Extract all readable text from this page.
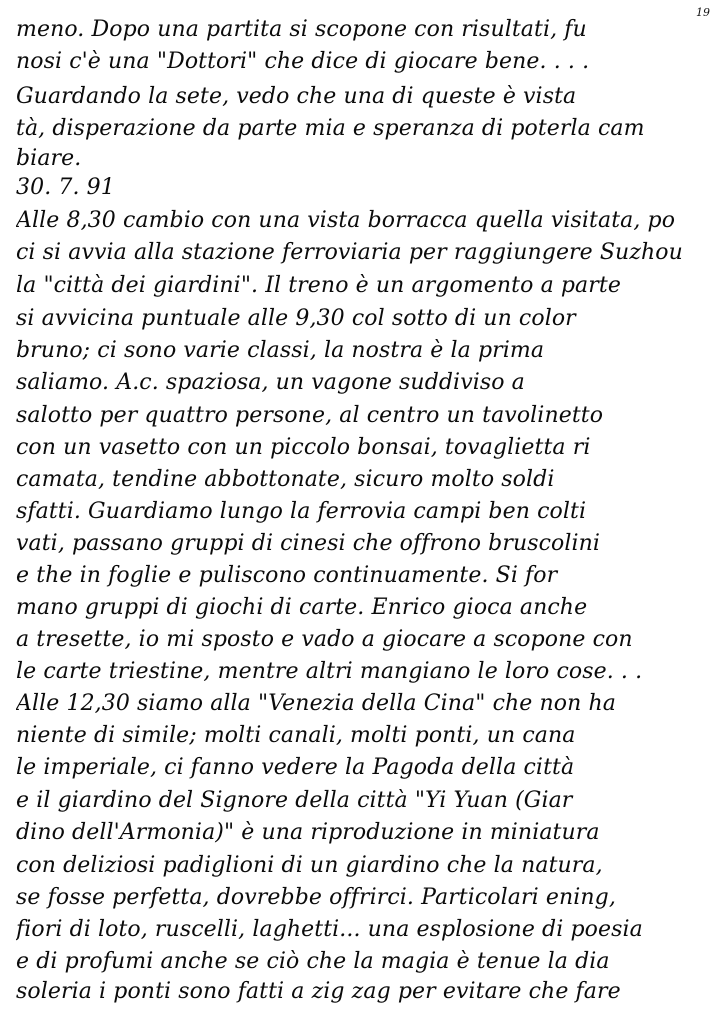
19
meno. Dopo una partita si scopone con risultati, fu
nosi c'è una "Dottori" che dice di giocare bene. . . .
Guardando la sete, vedo che una di queste è vista
tà, disperazione da parte mia e speranza di poterla cam
biare.
30. 7. 91
Alle 8,30 cambio con una vista borracca quella visitata, po
ci si avvia alla stazione ferroviaria per raggiungere Suzhou
la "città dei giardini". Il treno è un argomento a parte
si avvicina puntuale alle 9,30 col sotto di un color
bruno; ci sono varie classi, la nostra è la prima
saliamo. A.c. spaziosa, un vagone suddiviso a
salotto per quattro persone, al centro un tavolinetto
con un vasetto con un piccolo bonsai, tovaglietta ri
camata, tendine abbottonate, sicuro molto soldi
sfatti. Guardiamo lungo la ferrovia campi ben colti
vati, passano gruppi di cinesi che offrono bruscolini
e the in foglie e puliscono continuamente. Si for
mano gruppi di giochi di carte. Enrico gioca anche
a tresette, io mi sposto e vado a giocare a scopone con
le carte triestine, mentre altri mangiano le loro cose. . .
Alle 12,30 siamo alla "Venezia della Cina" che non ha
niente di simile; molti canali, molti ponti, un cana
le imperiale, ci fanno vedere la Pagoda della città
e il giardino del Signore della città "Yi Yuan (Giar
dino dell'Armonia)" è una riproduzione in miniatura
con deliziosi padiglioni di un giardino che la natura,
se fosse perfetta, dovrebbe offrirci. Particolari ening,
fiori di loto, ruscelli, laghetti... una esplosione di poesia
e di profumi anche se ciò che la magia è tenue la dia
soleria i ponti sono fatti a zig zag per evitare che fare
